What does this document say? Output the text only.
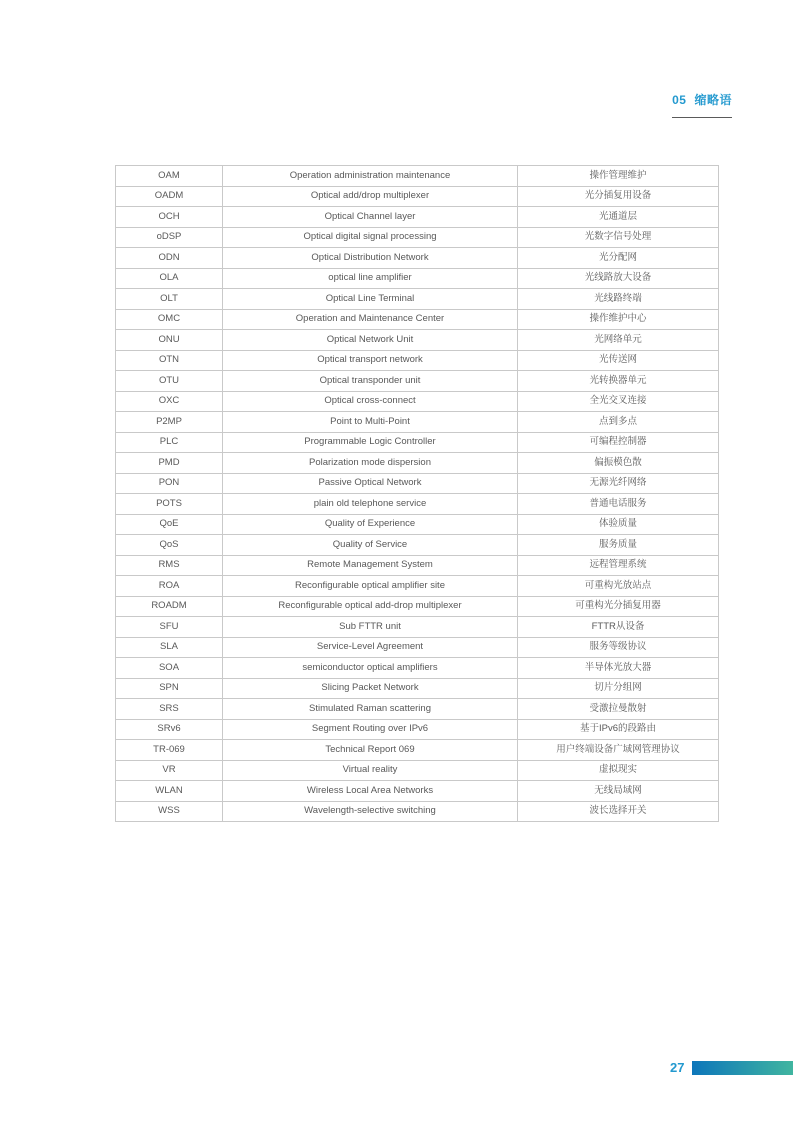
05 缩略语
OAM	Operation administration maintenance	操作管理维护
OADM	Optical add/drop multiplexer	光分插复用设备
OCH	Optical Channel layer	光通道层
oDSP	Optical digital signal processing	光数字信号处理
ODN	Optical Distribution Network	光分配网
OLA	optical line amplifier	光线路放大设备
OLT	Optical Line Terminal	光线路终端
OMC	Operation and Maintenance Center	操作维护中心
ONU	Optical Network Unit	光网络单元
OTN	Optical transport network	光传送网
OTU	Optical transponder unit	光转换器单元
OXC	Optical cross-connect	全光交叉连接
P2MP	Point to Multi-Point	点到多点
PLC	Programmable Logic Controller	可编程控制器
PMD	Polarization mode dispersion	偏振模色散
PON	Passive Optical Network	无源光纤网络
POTS	plain old telephone service	普通电话服务
QoE	Quality of Experience	体验质量
QoS	Quality of Service	服务质量
RMS	Remote Management System	远程管理系统
ROA	Reconfigurable optical amplifier site	可重构光放站点
ROADM	Reconfigurable optical add-drop multiplexer	可重构光分插复用器
SFU	Sub FTTR unit	FTTR从设备
SLA	Service-Level Agreement	服务等级协议
SOA	semiconductor optical amplifiers	半导体光放大器
SPN	Slicing Packet Network	切片分组网
SRS	Stimulated Raman scattering	受激拉曼散射
SRv6	Segment Routing over IPv6	基于IPv6的段路由
TR-069	Technical Report 069	用户终端设备广域网管理协议
VR	Virtual reality	虚拟现实
WLAN	Wireless Local Area Networks	无线局域网
WSS	Wavelength-selective switching	波长选择开关
27
